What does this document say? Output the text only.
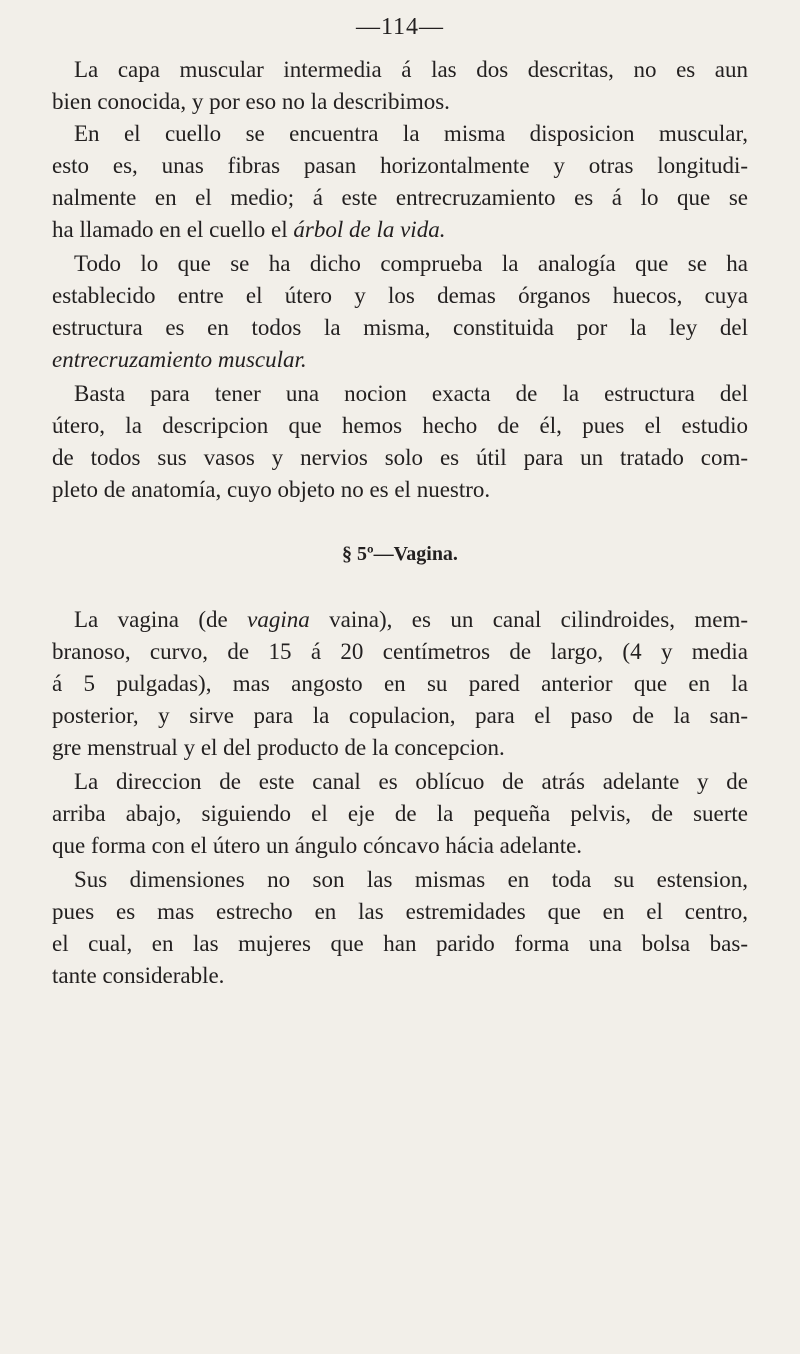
—114—
La capa muscular intermedia á las dos descritas, no es aun
bien conocida, y por eso no la describimos.
En el cuello se encuentra la misma disposicion muscular,
esto es, unas fibras pasan horizontalmente y otras longitudi-
nalmente en el medio; á este entrecruzamiento es á lo que se
ha llamado en el cuello el árbol de la vida.
Todo lo que se ha dicho comprueba la analogía que se ha
establecido entre el útero y los demas órganos huecos, cuya
estructura es en todos la misma, constituida por la ley del
entrecruzamiento muscular.
Basta para tener una nocion exacta de la estructura del
útero, la descripcion que hemos hecho de él, pues el estudio
de todos sus vasos y nervios solo es útil para un tratado com-
pleto de anatomía, cuyo objeto no es el nuestro.
§ 5º—Vagina.
La vagina (de vagina vaina), es un canal cilindroides, mem-
branoso, curvo, de 15 á 20 centímetros de largo, (4 y media
á 5 pulgadas), mas angosto en su pared anterior que en la
posterior, y sirve para la copulacion, para el paso de la san-
gre menstrual y el del producto de la concepcion.
La direccion de este canal es oblícuo de atrás adelante y de
arriba abajo, siguiendo el eje de la pequeña pelvis, de suerte
que forma con el útero un ángulo cóncavo hácia adelante.
Sus dimensiones no son las mismas en toda su estension,
pues es mas estrecho en las estremidades que en el centro,
el cual, en las mujeres que han parido forma una bolsa bas-
tante considerable.
